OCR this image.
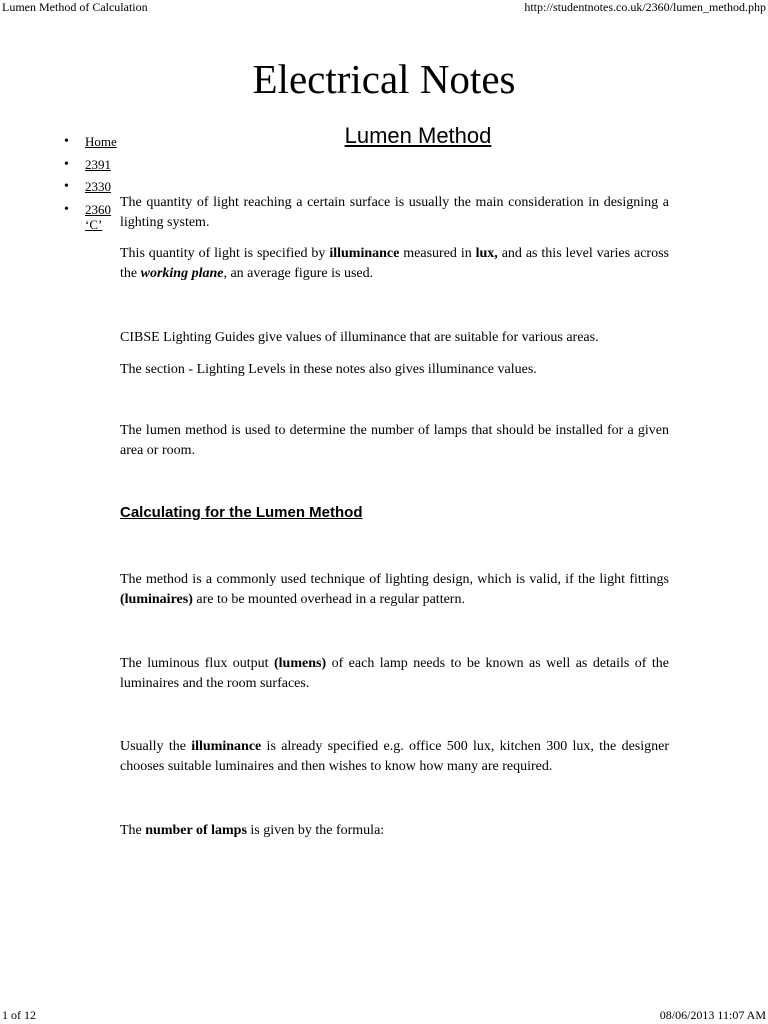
Lumen Method of Calculation	http://studentnotes.co.uk/2360/lumen_method.php
Electrical Notes
• Home
• 2391
• 2330
• 2360
‘C’
Lumen Method

The quantity of light reaching a certain surface is usually the main consideration in designing a lighting system.

This quantity of light is specified by illuminance measured in lux, and as this level varies across the working plane, an average figure is used.

CIBSE Lighting Guides give values of illuminance that are suitable for various areas.

The section - Lighting Levels in these notes also gives illuminance values.

The lumen method is used to determine the number of lamps that should be installed for a given area or room.

Calculating for the Lumen Method

The method is a commonly used technique of lighting design, which is valid, if the light fittings (luminaires) are to be mounted overhead in a regular pattern.

The luminous flux output (lumens) of each lamp needs to be known as well as details of the luminaires and the room surfaces.

Usually the illuminance is already specified e.g. office 500 lux, kitchen 300 lux, the designer chooses suitable luminaires and then wishes to know how many are required.

The number of lamps is given by the formula:

1 of 12	08/06/2013 11:07 AM
